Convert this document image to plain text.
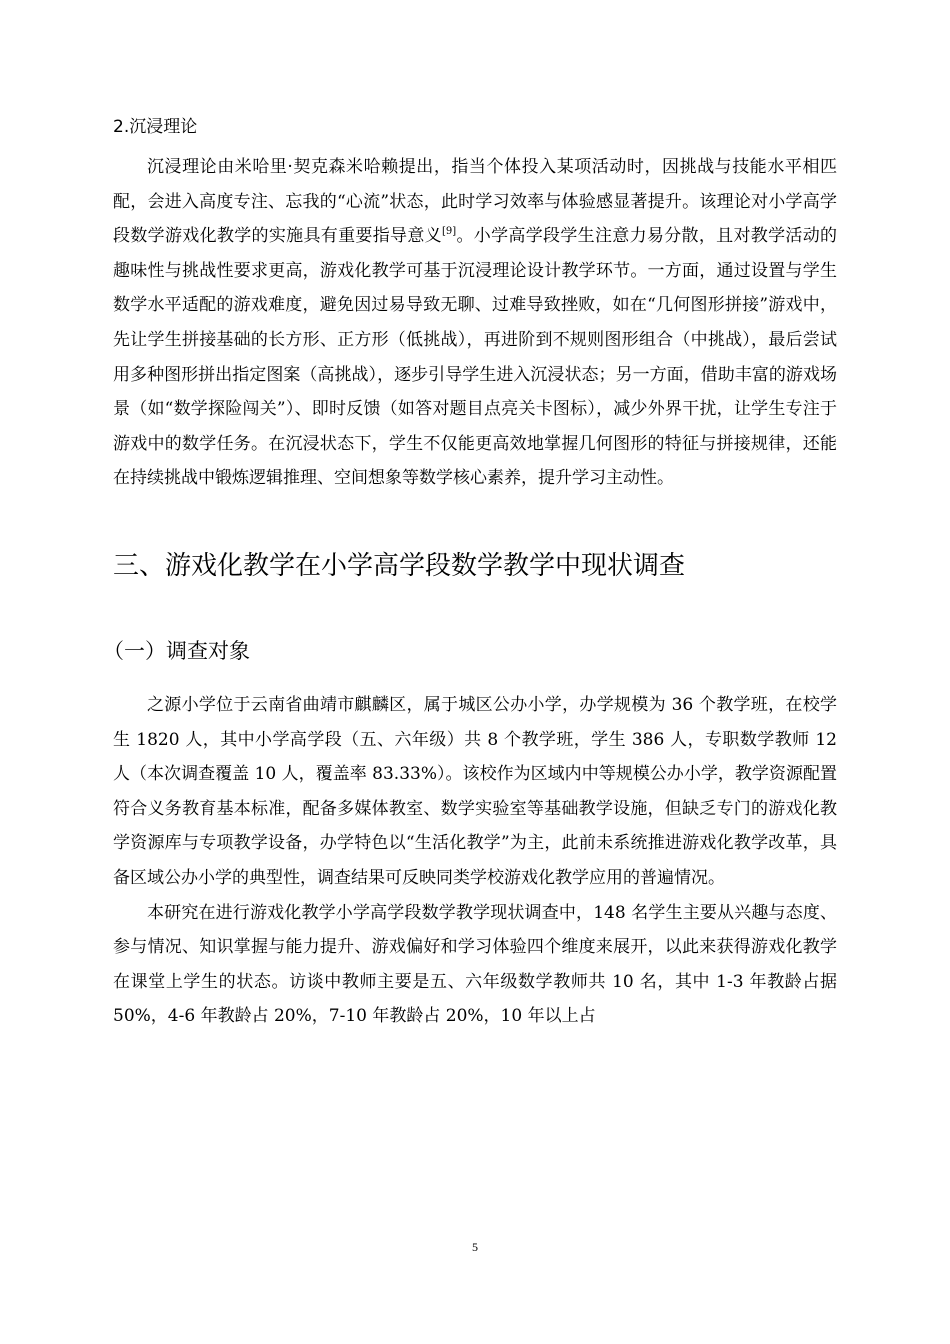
2.沉浸理论

沉浸理论由米哈里·契克森米哈赖提出，指当个体投入某项活动时，因挑战与技能水平相匹配，会进入高度专注、忘我的“心流”状态，此时学习效率与体验感显著提升。该理论对小学高学段数学游戏化教学的实施具有重要指导意义[9]。小学高学段学生注意力易分散，且对教学活动的趣味性与挑战性要求更高，游戏化教学可基于沉浸理论设计教学环节。一方面，通过设置与学生数学水平适配的游戏难度，避免因过易导致无聊、过难导致挫败，如在“几何图形拼接”游戏中，先让学生拼接基础的长方形、正方形（低挑战），再进阶到不规则图形组合（中挑战），最后尝试用多种图形拼出指定图案（高挑战），逐步引导学生进入沉浸状态；另一方面，借助丰富的游戏场景（如“数学探险闯关”）、即时反馈（如答对题目点亮关卡图标），减少外界干扰，让学生专注于游戏中的数学任务。在沉浸状态下，学生不仅能更高效地掌握几何图形的特征与拼接规律，还能在持续挑战中锻炼逻辑推理、空间想象等数学核心素养，提升学习主动性。

三、游戏化教学在小学高学段数学教学中现状调查
（一）调查对象

之源小学位于云南省曲靖市麒麟区，属于城区公办小学，办学规模为 36 个教学班，在校学生 1820 人，其中小学高学段（五、六年级）共 8 个教学班，学生 386 人，专职数学教师 12 人（本次调查覆盖 10 人，覆盖率 83.33%）。该校作为区域内中等规模公办小学，教学资源配置符合义务教育基本标准，配备多媒体教室、数学实验室等基础教学设施，但缺乏专门的游戏化教学资源库与专项教学设备，办学特色以“生活化教学”为主，此前未系统推进游戏化教学改革，具备区域公办小学的典型性，调查结果可反映同类学校游戏化教学应用的普遍情况。

本研究在进行游戏化教学小学高学段数学教学现状调查中，148 名学生主要从兴趣与态度、参与情况、知识掌握与能力提升、游戏偏好和学习体验四个维度来展开，以此来获得游戏化教学在课堂上学生的状态。访谈中教师主要是五、六年级数学教师共 10 名，其中 1-3 年教龄占据 50%，4-6 年教龄占 20%，7-10 年教龄占 20%，10 年以上占

5
